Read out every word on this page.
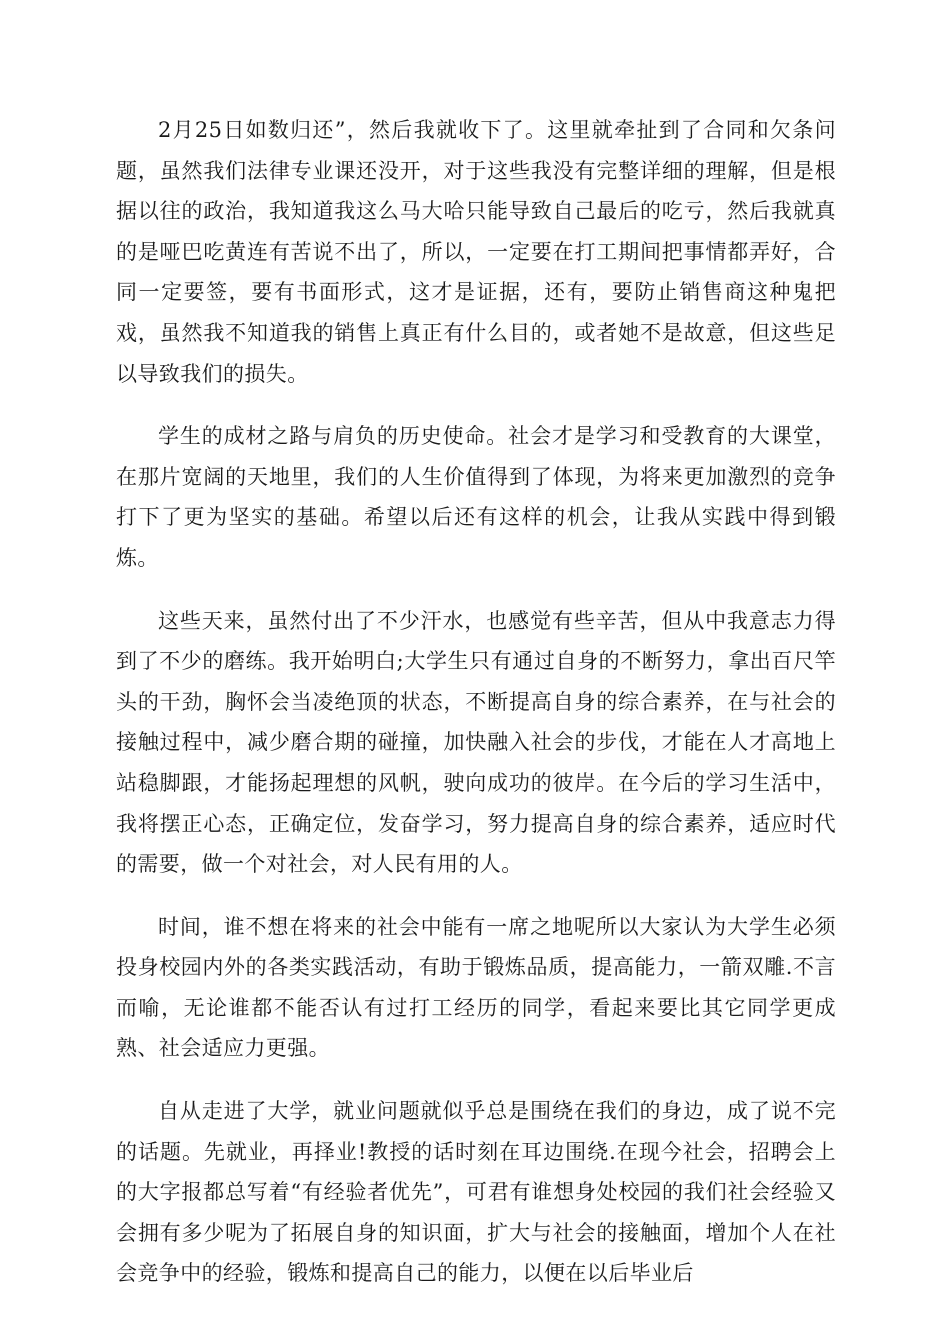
2月25日如数归还”，然后我就收下了。这里就牵扯到了合同和欠条问题，虽然我们法律专业课还没开，对于这些我没有完整详细的理解，但是根据以往的政治，我知道我这么马大哈只能导致自己最后的吃亏，然后我就真的是哑巴吃黄连有苦说不出了，所以，一定要在打工期间把事情都弄好，合同一定要签，要有书面形式，这才是证据，还有，要防止销售商这种鬼把戏，虽然我不知道我的销售上真正有什么目的，或者她不是故意，但这些足以导致我们的损失。

学生的成材之路与肩负的历史使命。社会才是学习和受教育的大课堂，在那片宽阔的天地里，我们的人生价值得到了体现，为将来更加激烈的竞争打下了更为坚实的基础。希望以后还有这样的机会，让我从实践中得到锻炼。

这些天来，虽然付出了不少汗水，也感觉有些辛苦，但从中我意志力得到了不少的磨练。我开始明白;大学生只有通过自身的不断努力，拿出百尺竿头的干劲，胸怀会当凌绝顶的状态，不断提高自身的综合素养，在与社会的接触过程中，减少磨合期的碰撞，加快融入社会的步伐，才能在人才高地上站稳脚跟，才能扬起理想的风帆，驶向成功的彼岸。在今后的学习生活中，我将摆正心态，正确定位，发奋学习，努力提高自身的综合素养，适应时代的需要，做一个对社会，对人民有用的人。

时间，谁不想在将来的社会中能有一席之地呢所以大家认为大学生必须投身校园内外的各类实践活动，有助于锻炼品质，提高能力，一箭双雕.不言而喻，无论谁都不能否认有过打工经历的同学，看起来要比其它同学更成熟、社会适应力更强。

自从走进了大学，就业问题就似乎总是围绕在我们的身边，成了说不完的话题。先就业，再择业!教授的话时刻在耳边围绕.在现今社会，招聘会上的大字报都总写着“有经验者优先”，可君有谁想身处校园的我们社会经验又会拥有多少呢为了拓展自身的知识面，扩大与社会的接触面，增加个人在社会竞争中的经验，锻炼和提高自己的能力，以便在以后毕业后
